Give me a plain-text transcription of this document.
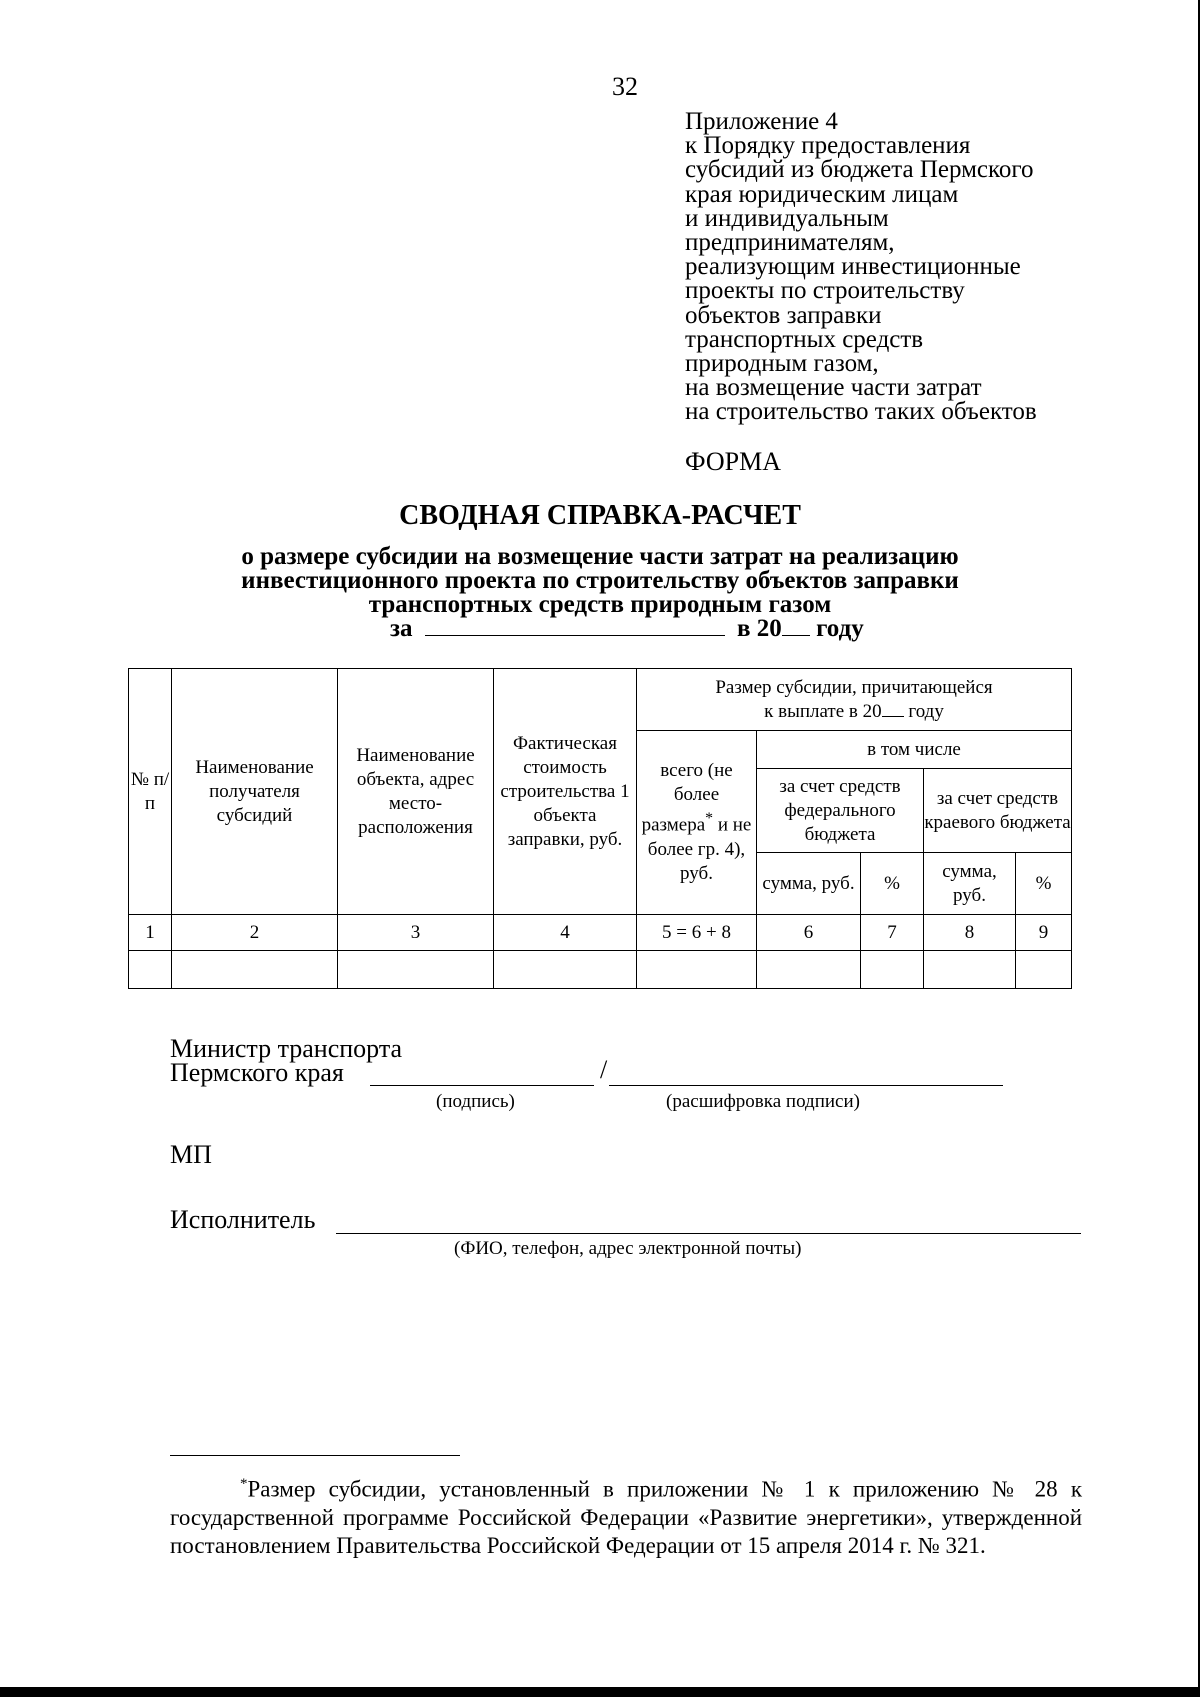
32
Приложение 4
к Порядку предоставления
субсидий из бюджета Пермского
края юридическим лицам
и индивидуальным
предпринимателям,
реализующим инвестиционные
проекты по строительству
объектов заправки
транспортных средств
природным газом,
на возмещение части затрат
на строительство таких объектов
ФОРМА
СВОДНАЯ СПРАВКА-РАСЧЕТ
о размере субсидии на возмещение части затрат на реализацию инвестиционного проекта по строительству объектов заправки транспортных средств природным газом
за	в 20 году
№ п/п	Наименование получателя субсидий	Наименование объекта, адрес место-расположения	Фактическая стоимость строительства 1 объекта заправки, руб.	Размер субсидии, причитающейся
к выплате в 20 году				
				всего (не более размера* и не более гр. 4), руб.	в том числе			
					за счет средств федерального бюджета		за счет средств краевого бюджета	
					сумма, руб.	%	сумма, руб.	%
1	2	3	4	5 = 6 + 8	6	7	8	9

Министр транспорта
Пермского края	/
(подпись)	(расшифровка подписи)
МП
Исполнитель
(ФИО, телефон, адрес электронной почты)
*Размер субсидии, установленный в приложении № 1 к приложению № 28 к государственной программе Российской Федерации «Развитие энергетики», утвержденной постановлением Правительства Российской Федерации от 15 апреля 2014 г. № 321.
